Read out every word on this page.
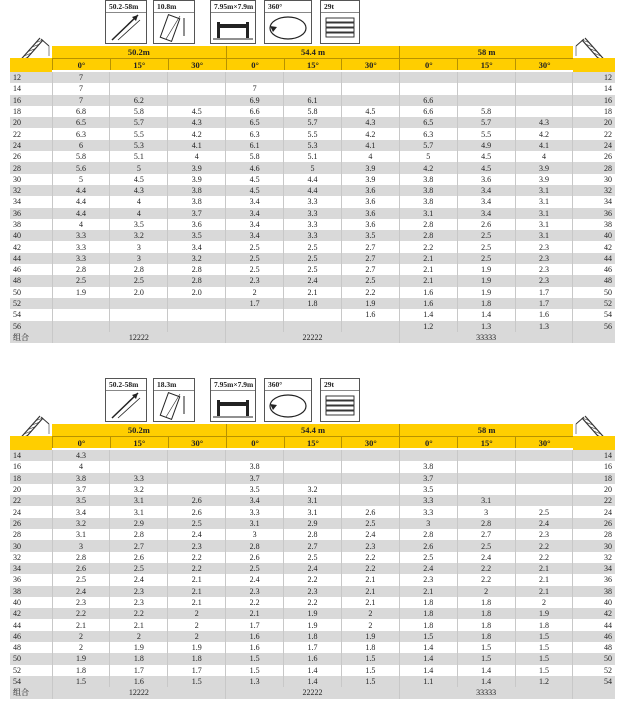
50.2-58m	10.8m	7.95m×7.9m	360°	29t
50.2m
0°	15°	30°
54.4 m
0°	15°	30°
58 m
0°	15°	30°
12	7									12
14	7			7						14
16	7	6.2		6.9	6.1		6.6			16
18	6.8	5.8	4.5	6.6	5.8	4.5	6.6	5.8		18
20	6.5	5.7	4.3	6.5	5.7	4.3	6.5	5.7	4.3	20
22	6.3	5.5	4.2	6.3	5.5	4.2	6.3	5.5	4.2	22
24	6	5.3	4.1	6.1	5.3	4.1	5.7	4.9	4.1	24
26	5.8	5.1	4	5.8	5.1	4	5	4.5	4	26
28	5.6	5	3.9	4.6	5	3.9	4.2	4.5	3.9	28
30	5	4.5	3.9	4.5	4.4	3.9	3.8	3.6	3.9	30
32	4.4	4.3	3.8	4.5	4.4	3.6	3.8	3.4	3.1	32
34	4.4	4	3.8	3.4	3.3	3.6	3.8	3.4	3.1	34
36	4.4	4	3.7	3.4	3.3	3.6	3.1	3.4	3.1	36
38	4	3.5	3.6	3.4	3.3	3.6	2.8	2.6	3.1	38
40	3.3	3.2	3.5	3.4	3.3	3.5	2.8	2.5	3.1	40
42	3.3	3	3.4	2.5	2.5	2.7	2.2	2.5	2.3	42
44	3.3	3	3.2	2.5	2.5	2.7	2.1	2.5	2.3	44
46	2.8	2.8	2.8	2.5	2.5	2.7	2.1	1.9	2.3	46
48	2.5	2.5	2.8	2.3	2.4	2.5	2.1	1.9	2.3	48
50	1.9	2.0	2.0	2	2.1	2.2	1.6	1.9	1.7	50
52				1.7	1.8	1.9	1.6	1.8	1.7	52
54						1.6	1.4	1.4	1.6	54
56							1.2	1.3	1.3	56
组合	12222			22222			33333			
50.2-58m	18.3m	7.95m×7.9m	360°	29t
50.2m
0°	15°	30°
54.4 m
0°	15°	30°
58 m
0°	15°	30°
14	4.3									14
16	4			3.8			3.8			16
18	3.8	3.3		3.7			3.7			18
20	3.7	3.2		3.5	3.2		3.5			20
22	3.5	3.1	2.6	3.4	3.1		3.3	3.1		22
24	3.4	3.1	2.6	3.3	3.1	2.6	3.3	3	2.5	24
26	3.2	2.9	2.5	3.1	2.9	2.5	3	2.8	2.4	26
28	3.1	2.8	2.4	3	2.8	2.4	2.8	2.7	2.3	28
30	3	2.7	2.3	2.8	2.7	2.3	2.6	2.5	2.2	30
32	2.8	2.6	2.2	2.6	2.5	2.2	2.5	2.4	2.2	32
34	2.6	2.5	2.2	2.5	2.4	2.2	2.4	2.2	2.1	34
36	2.5	2.4	2.1	2.4	2.2	2.1	2.3	2.2	2.1	36
38	2.4	2.3	2.1	2.3	2.3	2.1	2.1	2	2.1	38
40	2.3	2.3	2.1	2.2	2.2	2.1	1.8	1.8	2	40
42	2.2	2.2	2	2.1	1.9	2	1.8	1.8	1.9	42
44	2.1	2.1	2	1.7	1.9	2	1.8	1.8	1.8	44
46	2	2	2	1.6	1.8	1.9	1.5	1.8	1.5	46
48	2	1.9	1.9	1.6	1.7	1.8	1.4	1.5	1.5	48
50	1.9	1.8	1.8	1.5	1.6	1.5	1.4	1.5	1.5	50
52	1.8	1.7	1.7	1.5	1.4	1.5	1.4	1.4	1.5	52
54	1.5	1.6	1.5	1.3	1.4	1.5	1.1	1.4	1.2	54
组合	12222			22222			33333			
